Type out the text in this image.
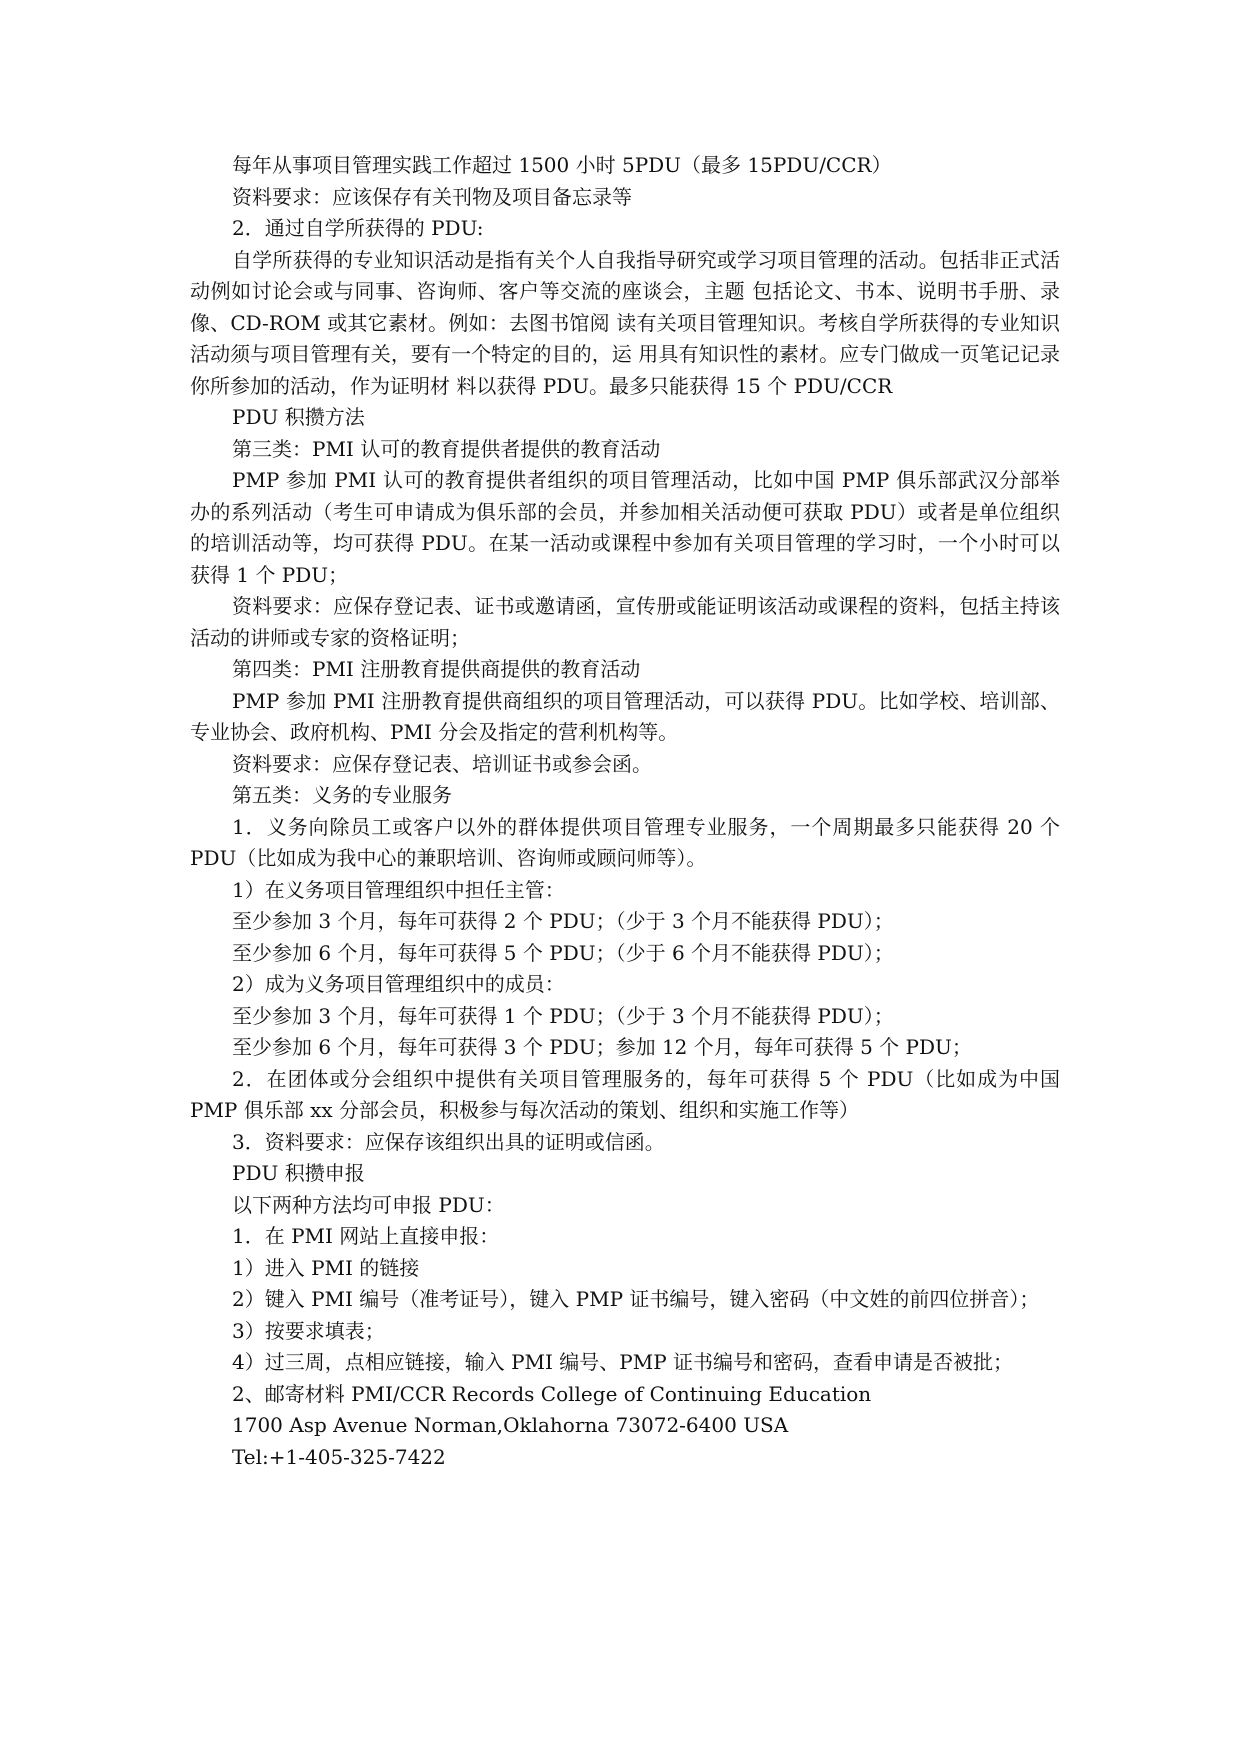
每年从事项目管理实践工作超过 1500 小时 5PDU（最多 15PDU/CCR）

资料要求：应该保存有关刊物及项目备忘录等

2．通过自学所获得的 PDU:

自学所获得的专业知识活动是指有关个人自我指导研究或学习项目管理的活动。包括非正式活动例如讨论会或与同事、咨询师、客户等交流的座谈会，主题 包括论文、书本、说明书手册、录像、CD-ROM 或其它素材。例如：去图书馆阅 读有关项目管理知识。考核自学所获得的专业知识活动须与项目管理有关，要有一个特定的目的，运 用具有知识性的素材。应专门做成一页笔记记录你所参加的活动，作为证明材 料以获得 PDU。最多只能获得 15 个 PDU/CCR

PDU 积攒方法

第三类：PMI 认可的教育提供者提供的教育活动

PMP 参加 PMI 认可的教育提供者组织的项目管理活动，比如中国 PMP 俱乐部武汉分部举办的系列活动（考生可申请成为俱乐部的会员，并参加相关活动便可获取 PDU）或者是单位组织的培训活动等，均可获得 PDU。在某一活动或课程中参加有关项目管理的学习时，一个小时可以获得 1 个 PDU；

资料要求：应保存登记表、证书或邀请函，宣传册或能证明该活动或课程的资料，包括主持该活动的讲师或专家的资格证明；

第四类：PMI 注册教育提供商提供的教育活动

PMP 参加 PMI 注册教育提供商组织的项目管理活动，可以获得 PDU。比如学校、培训部、专业协会、政府机构、PMI 分会及指定的营利机构等。

资料要求：应保存登记表、培训证书或参会函。

第五类：义务的专业服务

1．义务向除员工或客户以外的群体提供项目管理专业服务，一个周期最多只能获得 20 个 PDU（比如成为我中心的兼职培训、咨询师或顾问师等）。

1）在义务项目管理组织中担任主管：

至少参加 3 个月，每年可获得 2 个 PDU；（少于 3 个月不能获得 PDU）；

至少参加 6 个月，每年可获得 5 个 PDU；（少于 6 个月不能获得 PDU）；

2）成为义务项目管理组织中的成员：

至少参加 3 个月，每年可获得 1 个 PDU；（少于 3 个月不能获得 PDU）；

至少参加 6 个月，每年可获得 3 个 PDU；参加 12 个月，每年可获得 5 个 PDU；

2．在团体或分会组织中提供有关项目管理服务的，每年可获得 5 个 PDU（比如成为中国 PMP 俱乐部 xx 分部会员，积极参与每次活动的策划、组织和实施工作等）

3．资料要求：应保存该组织出具的证明或信函。

PDU 积攒申报

以下两种方法均可申报 PDU：

1．在 PMI 网站上直接申报：

1）进入 PMI 的链接

2）键入 PMI 编号（准考证号），键入 PMP 证书编号，键入密码（中文姓的前四位拼音）；

3）按要求填表；

4）过三周，点相应链接，输入 PMI 编号、PMP 证书编号和密码，查看申请是否被批；

2、邮寄材料 PMI/CCR Records College of Continuing Education

1700 Asp Avenue Norman,Oklahorna 73072-6400 USA

Tel:+1-405-325-7422
